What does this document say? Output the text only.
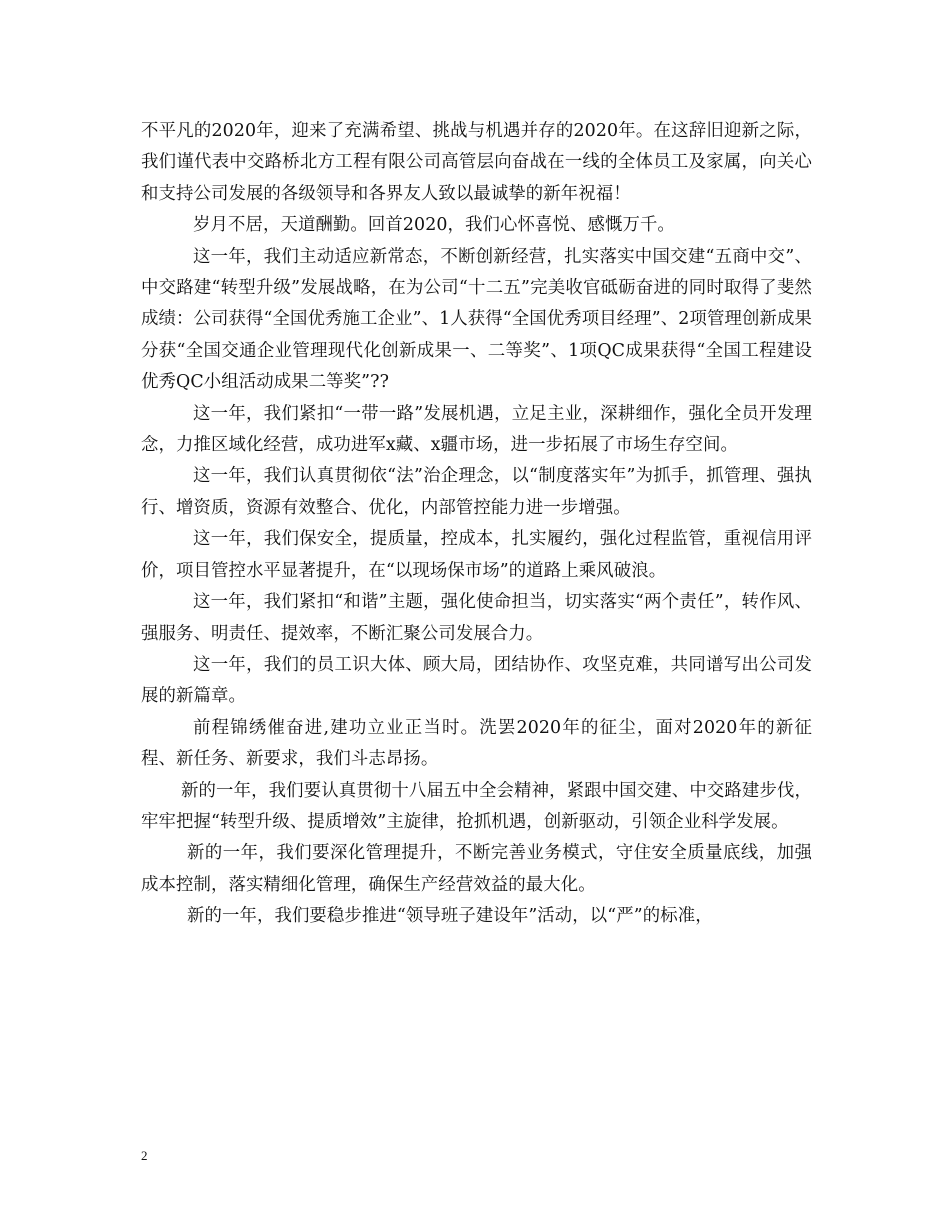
不平凡的2020年，迎来了充满希望、挑战与机遇并存的2020年。在这辞旧迎新之际，我们谨代表中交路桥北方工程有限公司高管层向奋战在一线的全体员工及家属，向关心和支持公司发展的各级领导和各界友人致以最诚挚的新年祝福！

岁月不居，天道酬勤。回首2020，我们心怀喜悦、感慨万千。

这一年，我们主动适应新常态，不断创新经营，扎实落实中国交建“五商中交”、中交路建“转型升级”发展战略，在为公司“十二五”完美收官砥砺奋进的同时取得了斐然成绩：公司获得“全国优秀施工企业”、1人获得“全国优秀项目经理”、2项管理创新成果分获“全国交通企业管理现代化创新成果一、二等奖”、1项QC成果获得“全国工程建设优秀QC小组活动成果二等奖”??

这一年，我们紧扣“一带一路”发展机遇，立足主业，深耕细作，强化全员开发理念，力推区域化经营，成功进军x藏、x疆市场，进一步拓展了市场生存空间。

这一年，我们认真贯彻依“法”治企理念，以“制度落实年”为抓手，抓管理、强执行、增资质，资源有效整合、优化，内部管控能力进一步增强。

这一年，我们保安全，提质量，控成本，扎实履约，强化过程监管，重视信用评价，项目管控水平显著提升，在“以现场保市场”的道路上乘风破浪。

这一年，我们紧扣“和谐”主题，强化使命担当，切实落实“两个责任”，转作风、强服务、明责任、提效率，不断汇聚公司发展合力。

这一年，我们的员工识大体、顾大局，团结协作、攻坚克难，共同谱写出公司发展的新篇章。

前程锦绣催奋进,建功立业正当时。洗罢2020年的征尘，面对2020年的新征程、新任务、新要求，我们斗志昂扬。

新的一年，我们要认真贯彻十八届五中全会精神，紧跟中国交建、中交路建步伐，牢牢把握“转型升级、提质增效”主旋律，抢抓机遇，创新驱动，引领企业科学发展。

新的一年，我们要深化管理提升，不断完善业务模式，守住安全质量底线，加强成本控制，落实精细化管理，确保生产经营效益的最大化。

新的一年，我们要稳步推进“领导班子建设年”活动，以“严”的标准，

2
